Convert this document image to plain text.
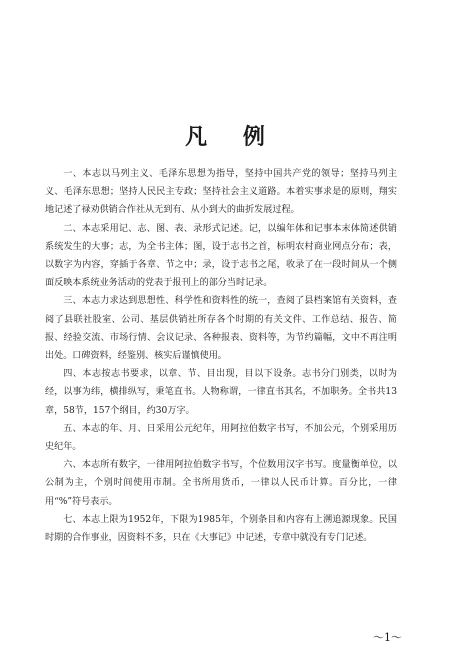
凡 例

一、本志以马列主义、毛泽东思想为指导，坚持中国共产党的领导；坚持马列主义、毛泽东思想；坚持人民民主专政；坚持社会主义道路。本着实事求是的原则，翔实地记述了禄劝供销合作社从无到有、从小到大的曲折发展过程。

二、本志采用记、志、图、表、录形式记述。记，以编年体和记事本末体简述供销系统发生的大事；志，为全书主体；图，设于志书之首，标明农村商业网点分布；表，以数字为内容，穿插于各章、节之中；录，设于志书之尾，收录了在一段时间从一个侧面反映本系统业务活动的党表于报刊上的部分当时记录。

三、本志力求达到思想性、科学性和资料性的统一，查阅了县档案馆有关资料，查阅了县联社股室、公司、基层供销社所存各个时期的有关文件、工作总结、报告、简报、经验交流、市场行情、会议记录、各种报表、资料等，为节约篇幅，文中不再注明出处。口碑资料，经鉴别、核实后谨慎使用。

四、本志按志书要求，以章、节、目出现，目以下设条。志书分门别类，以时为经，以事为纬，横排纵写，秉笔直书。人物称谓，一律直书其名，不加职务。全书共13章，58节，157个纲目，约30万字。

五、本志的年、月、日采用公元纪年，用阿拉伯数字书写，不加公元，个别采用历史纪年。

六、本志所有数字，一律用阿拉伯数字书写，个位数用汉字书写。度量衡单位，以公制为主，个别时间使用市制。全书所用货币，一律以人民币计算。百分比，一律用“%”符号表示。

七、本志上限为1952年，下限为1985年，个别条目和内容有上溯追源现象。民国时期的合作事业，因资料不多，只在《大事记》中记述，专章中就没有专门记述。

～1～
